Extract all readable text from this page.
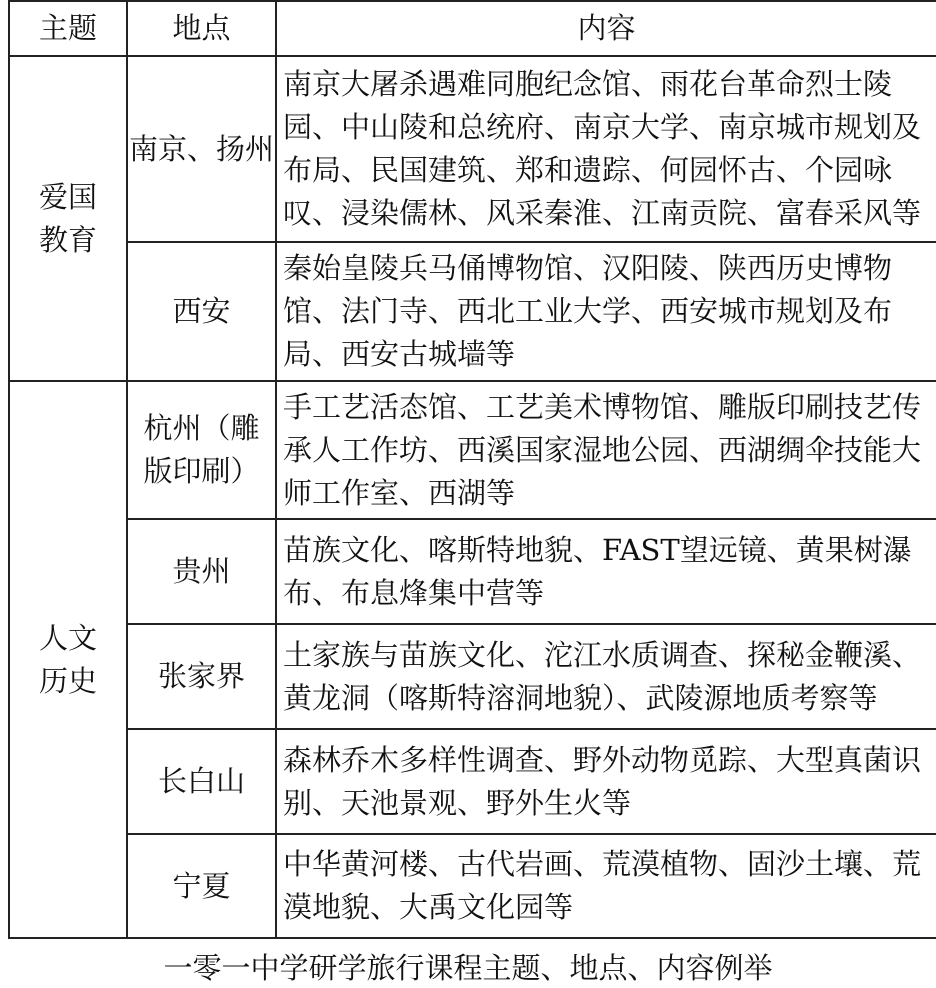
主题	地点	内容
爱国教育	南京、扬州	南京大屠杀遇难同胞纪念馆、雨花台革命烈士陵园、中山陵和总统府、南京大学、南京城市规划及布局、民国建筑、郑和遗踪、何园怀古、个园咏叹、浸染儒林、风采秦淮、江南贡院、富春采风等
	西安	秦始皇陵兵马俑博物馆、汉阳陵、陕西历史博物馆、法门寺、西北工业大学、西安城市规划及布局、西安古城墙等
人文历史	杭州（雕版印刷）	手工艺活态馆、工艺美术博物馆、雕版印刷技艺传承人工作坊、西溪国家湿地公园、西湖绸伞技能大师工作室、西湖等
	贵州	苗族文化、喀斯特地貌、FAST望远镜、黄果树瀑布、布息烽集中营等
	张家界	土家族与苗族文化、沱江水质调查、探秘金鞭溪、黄龙洞（喀斯特溶洞地貌）、武陵源地质考察等
	长白山	森林乔木多样性调查、野外动物觅踪、大型真菌识别、天池景观、野外生火等
	宁夏	中华黄河楼、古代岩画、荒漠植物、固沙土壤、荒漠地貌、大禹文化园等
一零一中学研学旅行课程主题、地点、内容例举
